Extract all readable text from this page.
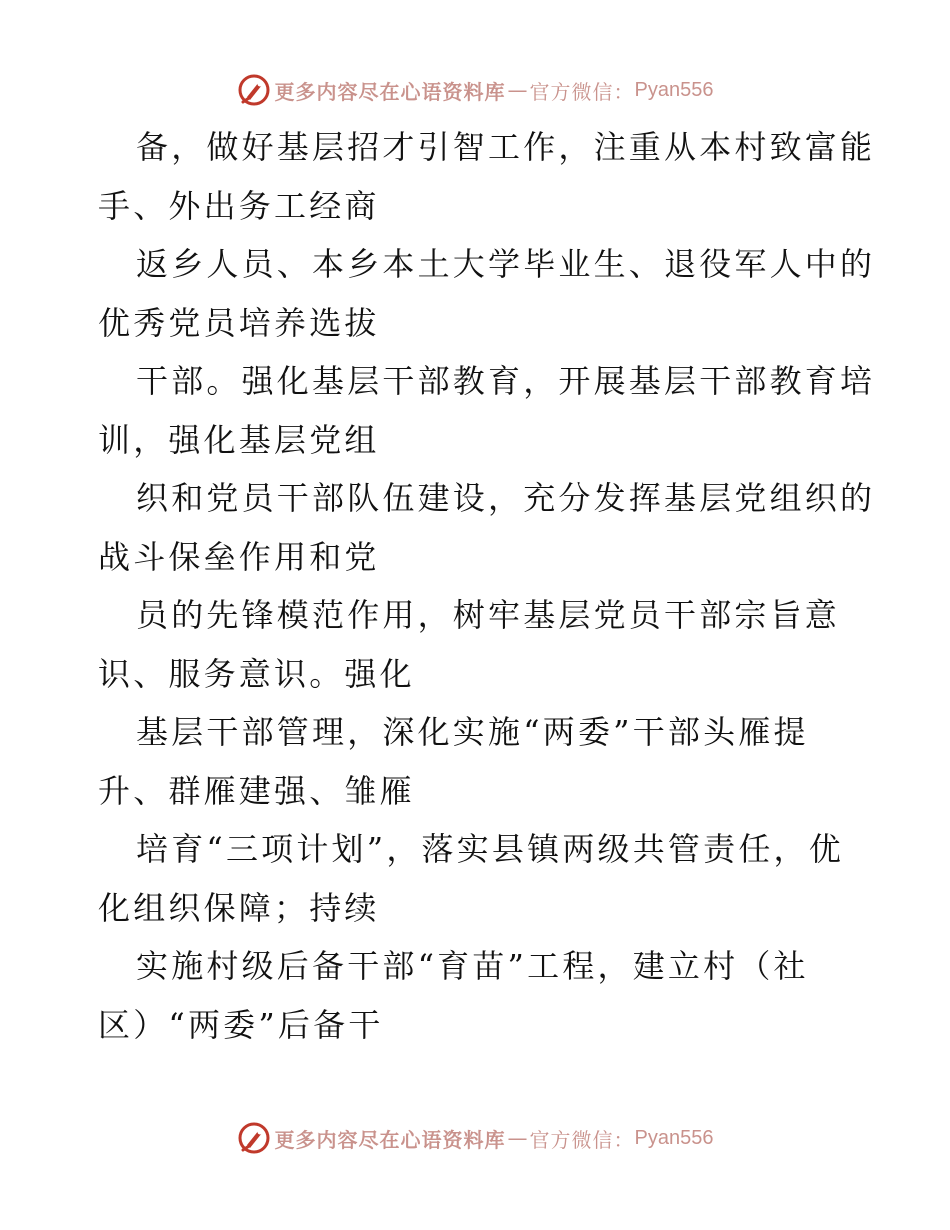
更多内容尽在心语资料库 — 官方微信： Pyan556
备，做好基层招才引智工作，注重从本村致富能
手、外出务工经商
返乡人员、本乡本土大学毕业生、退役军人中的
优秀党员培养选拔
干部。强化基层干部教育，开展基层干部教育培
训，强化基层党组
织和党员干部队伍建设，充分发挥基层党组织的
战斗保垒作用和党
员的先锋模范作用，树牢基层党员干部宗旨意
识、服务意识。强化
基层干部管理，深化实施“两委”干部头雁提
升、群雁建强、雏雁
培育“三项计划”，落实县镇两级共管责任，优
化组织保障；持续
实施村级后备干部“育苗”工程，建立村（社
区）“两委”后备干
更多内容尽在心语资料库 — 官方微信： Pyan556
